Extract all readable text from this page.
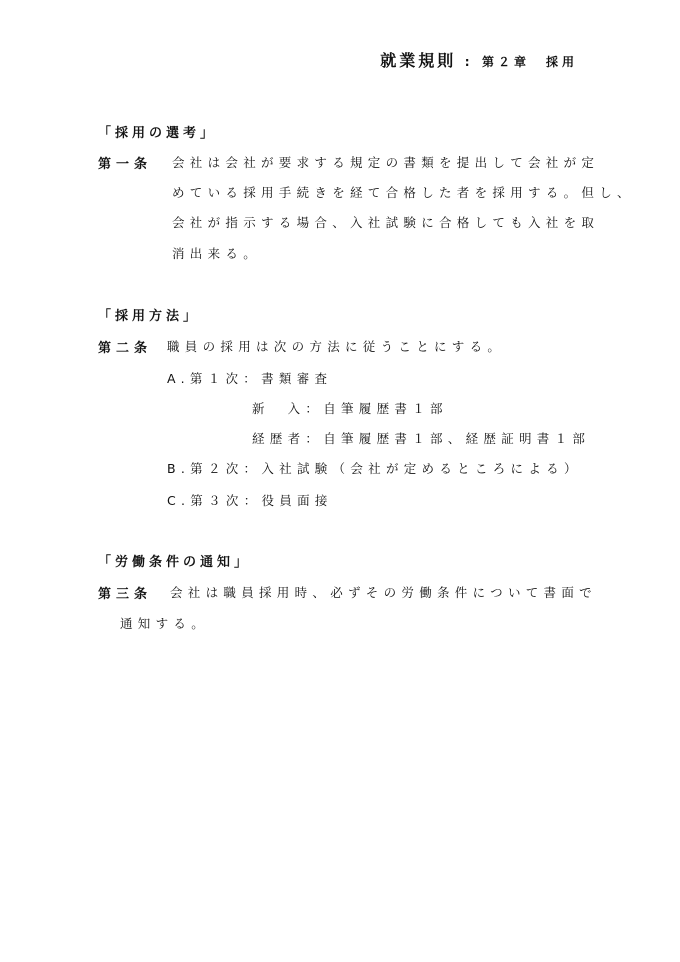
就業規則 : 第２章　採用
「採用の選考」
第一条 会社は会社が要求する規定の書類を提出して会社が定
めている採用手続きを経て合格した者を採用する。但し、
会社が指示する場合、入社試験に合格しても入社を取
消出来る。
「採用方法」
第二条 職員の採用は次の方法に従うことにする。
A.第１次：書類審査
新　入：自筆履歴書１部
経歴者：自筆履歴書１部、経歴証明書１部
B.第２次：入社試験（会社が定めるところによる）
C.第３次：役員面接
「労働条件の通知」
第三条 会社は職員採用時、必ずその労働条件について書面で
通知する。
